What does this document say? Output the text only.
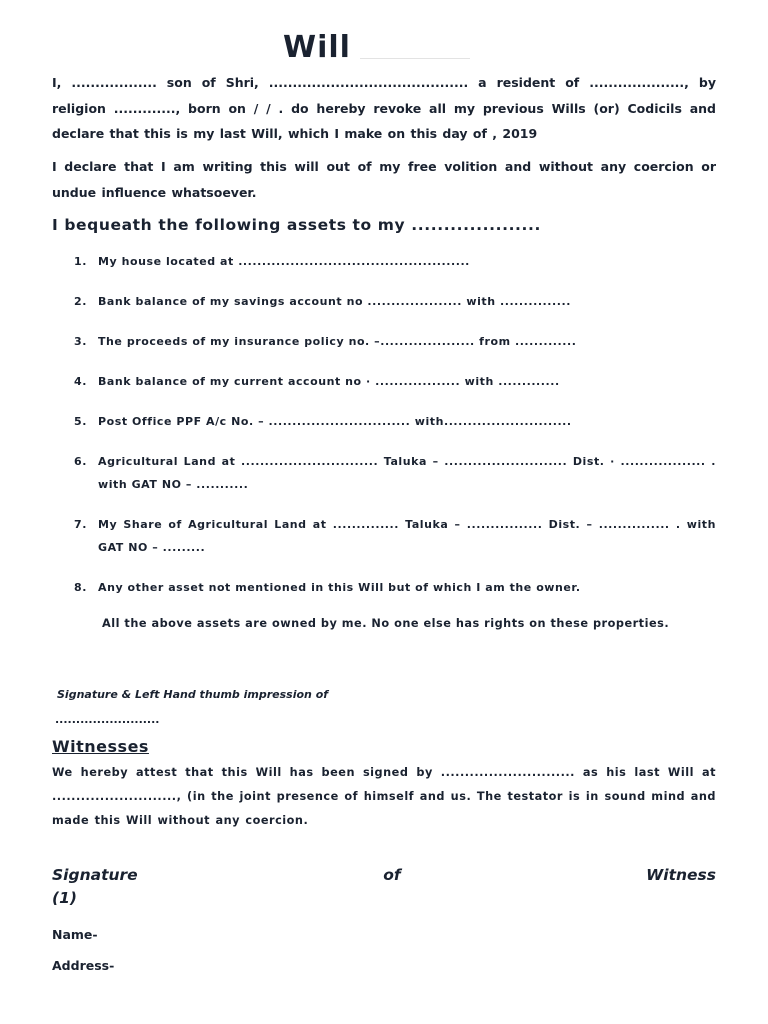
Will
I, .................. son of Shri, .......................................... a resident of ...................., by religion ............., born on / / . do hereby revoke all my previous Wills (or) Codicils and declare that this is my last Will, which I make on this day of , 2019
I declare that I am writing this will out of my free volition and without any coercion or undue influence whatsoever.
I bequeath the following assets to my ....................
1. My house located at .................................................
2. Bank balance of my savings account no .................... with ...............
3. The proceeds of my insurance policy no. –.................... from .............
4. Bank balance of my current account no · .................. with .............
5. Post Office PPF A/c No. – .............................. with...........................
6. Agricultural Land at ............................. Taluka – .......................... Dist. · .................. . with GAT NO – ...........
7. My Share of Agricultural Land at .............. Taluka – ................ Dist. – ............... . with GAT NO – .........
8. Any other asset not mentioned in this Will but of which I am the owner.
All the above assets are owned by me. No one else has rights on these properties.
Signature & Left Hand thumb impression of
.........................
Witnesses
We hereby attest that this Will has been signed by ............................ as his last Will at .........................., (in the joint presence of himself and us. The testator is in sound mind and made this Will without any coercion.
Signature	of	Witness
(1)
Name-
Address-
